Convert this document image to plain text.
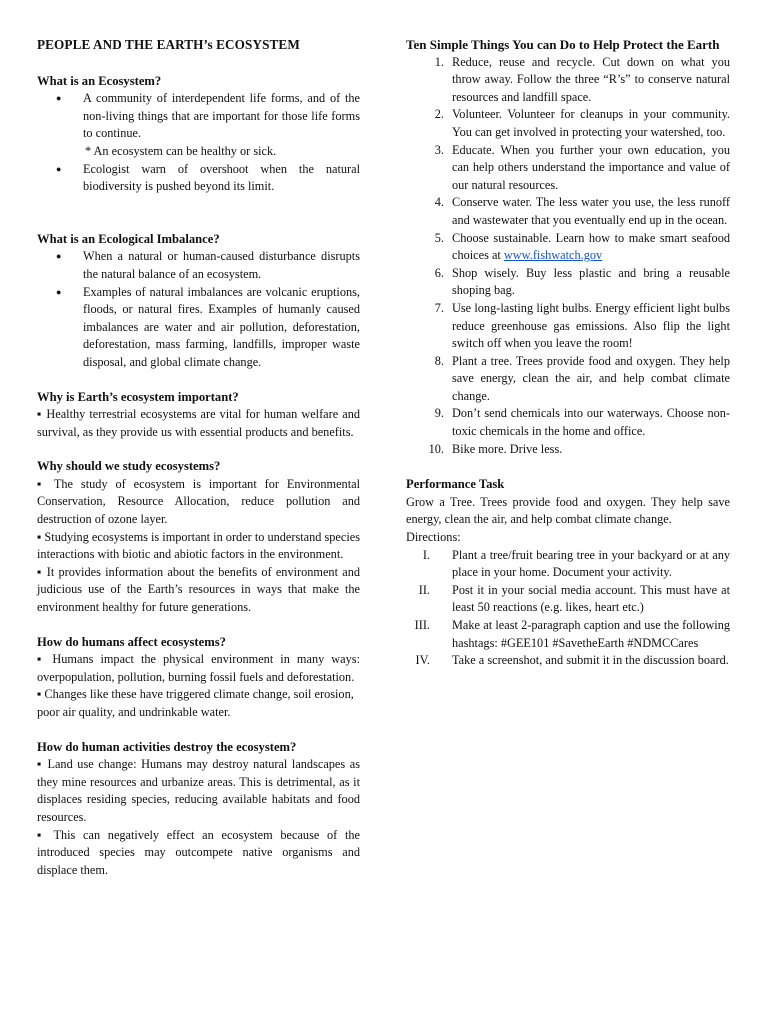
PEOPLE AND THE EARTH’s ECOSYSTEM
What is an Ecosystem?
● A community of interdependent life forms, and of the non-living things that are important for those life forms to continue.
* An ecosystem can be healthy or sick.
● Ecologist warn of overshoot when the natural biodiversity is pushed beyond its limit.
What is an Ecological Imbalance?
● When a natural or human-caused disturbance disrupts the natural balance of an ecosystem.
● Examples of natural imbalances are volcanic eruptions, floods, or natural fires. Examples of humanly caused imbalances are water and air pollution, deforestation, deforestation, mass farming, landfills, improper waste disposal, and global climate change.
Why is Earth’s ecosystem important?
▪ Healthy terrestrial ecosystems are vital for human welfare and survival, as they provide us with essential products and benefits.
Why should we study ecosystems?
▪ The study of ecosystem is important for Environmental Conservation, Resource Allocation, reduce pollution and destruction of ozone layer.
▪ Studying ecosystems is important in order to understand species interactions with biotic and abiotic factors in the environment.
▪ It provides information about the benefits of environment and judicious use of the Earth’s resources in ways that make the environment healthy for future generations.
How do humans affect ecosystems?
▪ Humans impact the physical environment in many ways: overpopulation, pollution, burning fossil fuels and deforestation.
▪ Changes like these have triggered climate change, soil erosion, poor air quality, and undrinkable water.
How do human activities destroy the ecosystem?
▪ Land use change: Humans may destroy natural landscapes as they mine resources and urbanize areas. This is detrimental, as it displaces residing species, reducing available habitats and food resources.
▪ This can negatively effect an ecosystem because of the introduced species may outcompete native organisms and displace them.
Ten Simple Things You can Do to Help Protect the Earth
1. Reduce, reuse and recycle. Cut down on what you throw away. Follow the three “R’s” to conserve natural resources and landfill space.
2. Volunteer. Volunteer for cleanups in your community. You can get involved in protecting your watershed, too.
3. Educate. When you further your own education, you can help others understand the importance and value of our natural resources.
4. Conserve water. The less water you use, the less runoff and wastewater that you eventually end up in the ocean.
5. Choose sustainable. Learn how to make smart seafood choices at www.fishwatch.gov
6. Shop wisely. Buy less plastic and bring a reusable shoping bag.
7. Use long-lasting light bulbs. Energy efficient light bulbs reduce greenhouse gas emissions. Also flip the light switch off when you leave the room!
8. Plant a tree. Trees provide food and oxygen. They help save energy, clean the air, and help combat climate change.
9. Don’t send chemicals into our waterways. Choose non-toxic chemicals in the home and office.
10. Bike more. Drive less.
Performance Task
Grow a Tree. Trees provide food and oxygen. They help save energy, clean the air, and help combat climate change.
Directions:
I.	Plant a tree/fruit bearing tree in your backyard or at any place in your home. Document your activity.
II.	Post it in your social media account. This must have at least 50 reactions (e.g. likes, heart etc.)
III.	Make at least 2-paragraph caption and use the following hashtags: #GEE101 #SavetheEarth #NDMCCares
IV.	Take a screenshot, and submit it in the discussion board.
